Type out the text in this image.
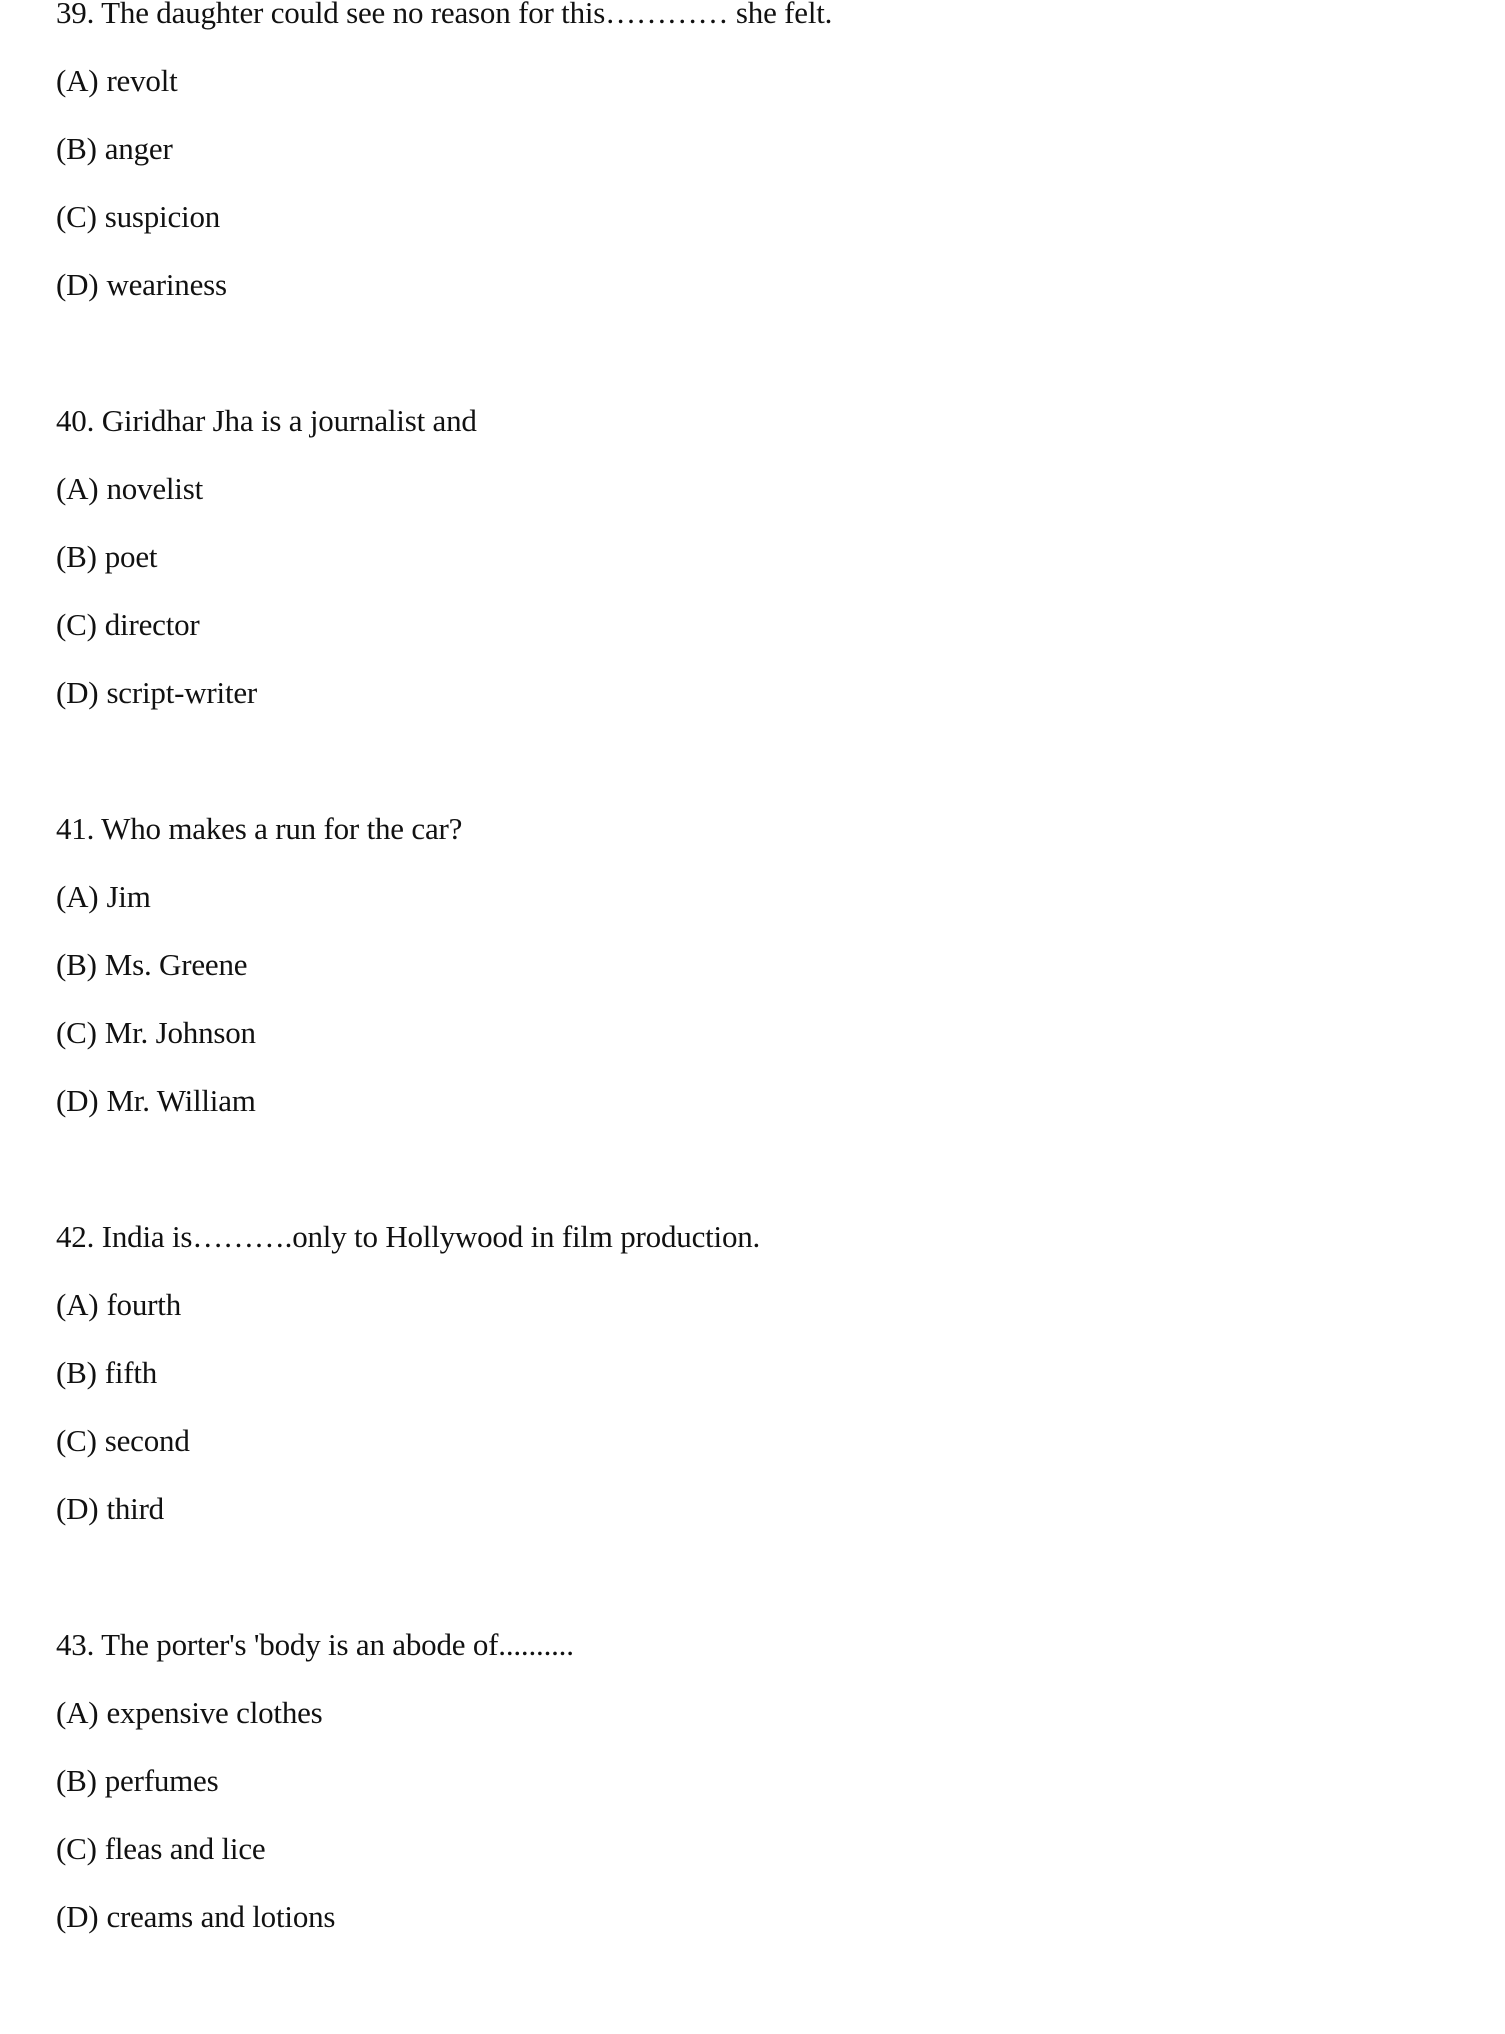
39. The daughter could see no reason for this………… she felt.
(A) revolt
(B) anger
(C) suspicion
(D) weariness
40. Giridhar Jha is a journalist and
(A) novelist
(B) poet
(C) director
(D) script-writer
41. Who makes a run for the car?
(A) Jim
(B) Ms. Greene
(C) Mr. Johnson
(D) Mr. William
42. India is……….only to Hollywood in film production.
(A) fourth
(B) fifth
(C) second
(D) third
43. The porter's 'body is an abode of..........
(A) expensive clothes
(B) perfumes
(C) fleas and lice
(D) creams and lotions
